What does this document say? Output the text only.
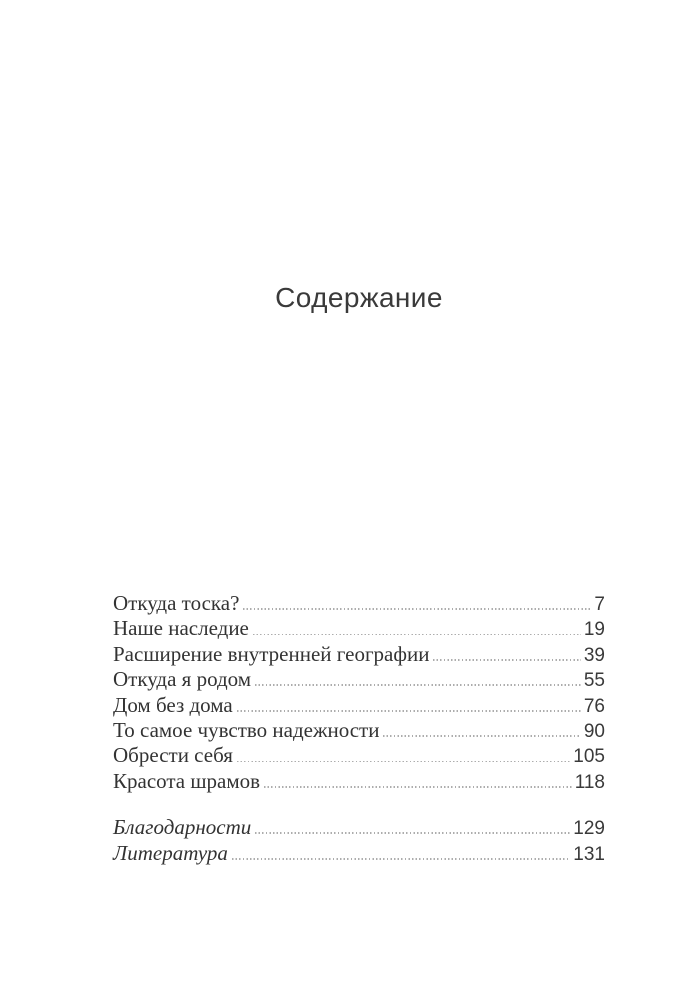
Содержание
Откуда тоска?	7
Наше наследие	19
Расширение внутренней географии	39
Откуда я родом	55
Дом без дома	76
То самое чувство надежности	90
Обрести себя	105
Красота шрамов	118
Благодарности	129
Литература	131
